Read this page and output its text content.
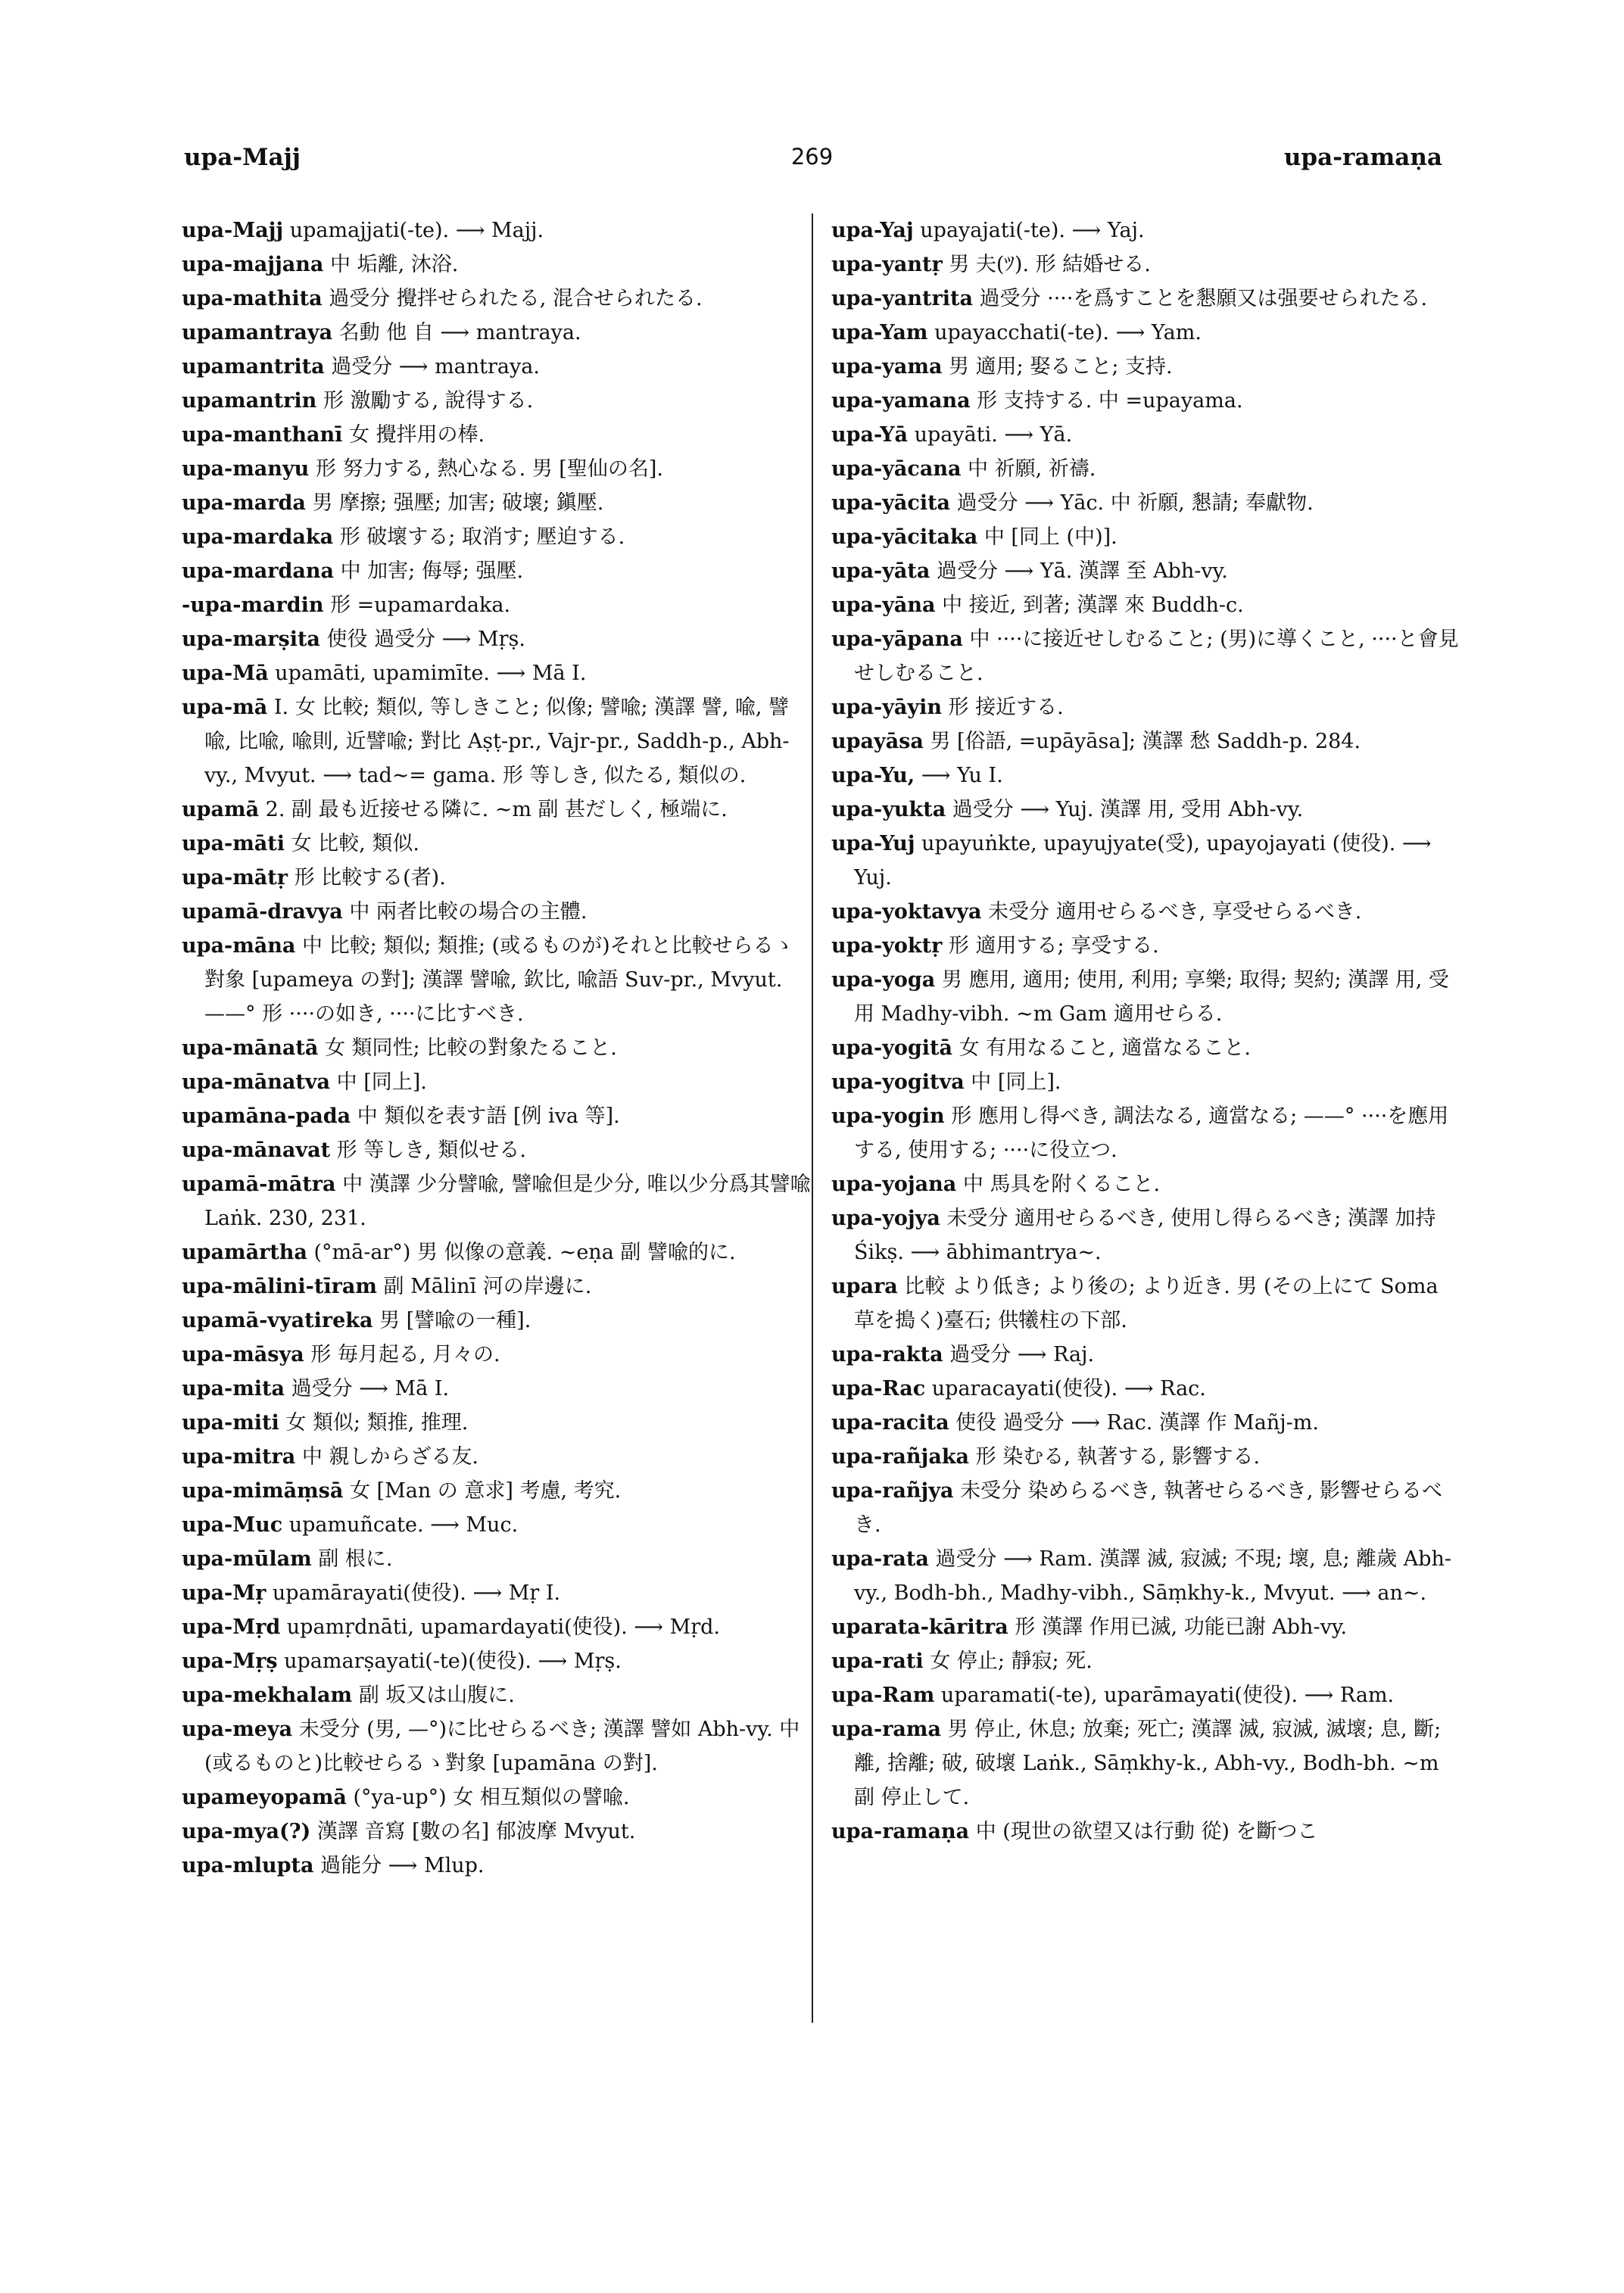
upa-Majj	269	upa-ramaṇa

upa-Majj upamajjati(-te). ⟶ Majj.

upa-majjana 中 垢離, 沐浴.

upa-mathita 過受分 攪拌せられたる, 混合せられたる.

upamantraya 名動 他 自 ⟶ mantraya.

upamantrita 過受分 ⟶ mantraya.

upamantrin 形 激勵する, 說得する.

upa-manthanī 女 攪拌用の棒.

upa-manyu 形 努力する, 熱心なる. 男 [聖仙の名].

upa-marda 男 摩擦; 强壓; 加害; 破壞; 鎭壓.

upa-mardaka 形 破壞する; 取消す; 壓迫する.

upa-mardana 中 加害; 侮辱; 强壓.

-upa-mardin 形 =upamardaka.

upa-marṣita 使役 過受分 ⟶ Mṛṣ.

upa-Mā upamāti, upamimīte. ⟶ Mā I.

upa-mā I. 女 比較; 類似, 等しきこと; 似像; 譬喩; 漢譯 譬, 喩, 譬喩, 比喩, 喩則, 近譬喩; 對比 Aṣṭ-pr., Vajr-pr., Saddh-p., Abh-vy., Mvyut. ⟶ tad∼= gama. 形 等しき, 似たる, 類似の.

upamā 2. 副 最も近接せる隣に. ∼m 副 甚だしく, 極端に.

upa-māti 女 比較, 類似.

upa-mātṛ 形 比較する(者).

upamā-dravya 中 兩者比較の場合の主體.

upa-māna 中 比較; 類似; 類推; (或るものが)それと比較せらるゝ對象 [upameya の對]; 漢譯 譬喩, 欽比, 喩語 Suv-pr., Mvyut. ——° 形 ····の如き, ····に比すべき.

upa-mānatā 女 類同性; 比較の對象たること.

upa-mānatva 中 [同上].

upamāna-pada 中 類似を表す語 [例 iva 等].

upa-mānavat 形 等しき, 類似せる.

upamā-mātra 中 漢譯 少分譬喩, 譬喩但是少分, 唯以少分爲其譬喩 Laṅk. 230, 231.

upamārtha (°mā-ar°) 男 似像の意義. ∼eṇa 副 譬喩的に.

upa-mālini-tīram 副 Mālinī 河の岸邊に.

upamā-vyatireka 男 [譬喩の一種].

upa-māsya 形 毎月起る, 月々の.

upa-mita 過受分 ⟶ Mā I.

upa-miti 女 類似; 類推, 推理.

upa-mitra 中 親しからざる友.

upa-mimāṃsā 女 [Man の 意求] 考慮, 考究.

upa-Muc upamuñcate. ⟶ Muc.

upa-mūlam 副 根に.

upa-Mṛ upamārayati(使役). ⟶ Mṛ I.

upa-Mṛd upamṛdnāti, upamardayati(使役). ⟶ Mṛd.

upa-Mṛṣ upamarṣayati(-te)(使役). ⟶ Mṛṣ.

upa-mekhalam 副 坂又は山腹に.

upa-meya 未受分 (男, —°)に比せらるべき; 漢譯 譬如 Abh-vy. 中 (或るものと)比較せらるゝ對象 [upamāna の對].

upameyopamā (°ya-up°) 女 相互類似の譬喩.

upa-mya(?) 漢譯 音寫 [數の名] 郁波摩 Mvyut.

upa-mlupta 過能分 ⟶ Mlup.

upa-Yaj upayajati(-te). ⟶ Yaj.

upa-yantṛ 男 夫(ﾂ). 形 結婚せる.

upa-yantrita 過受分 ····を爲すことを懇願又は强要せられたる.

upa-Yam upayacchati(-te). ⟶ Yam.

upa-yama 男 適用; 娶ること; 支持.

upa-yamana 形 支持する. 中 =upayama.

upa-Yā upayāti. ⟶ Yā.

upa-yācana 中 祈願, 祈禱.

upa-yācita 過受分 ⟶ Yāc. 中 祈願, 懇請; 奉獻物.

upa-yācitaka 中 [同上 (中)].

upa-yāta 過受分 ⟶ Yā. 漢譯 至 Abh-vy.

upa-yāna 中 接近, 到著; 漢譯 來 Buddh-c.

upa-yāpana 中 ····に接近せしむること; (男)に導くこと, ····と會見せしむること.

upa-yāyin 形 接近する.

upayāsa 男 [俗語, =upāyāsa]; 漢譯 愁 Saddh-p. 284.

upa-Yu, ⟶ Yu I.

upa-yukta 過受分 ⟶ Yuj. 漢譯 用, 受用 Abh-vy.

upa-Yuj upayuṅkte, upayujyate(受), upayojayati (使役). ⟶ Yuj.

upa-yoktavya 未受分 適用せらるべき, 享受せらるべき.

upa-yoktṛ 形 適用する; 享受する.

upa-yoga 男 應用, 適用; 使用, 利用; 享樂; 取得; 契約; 漢譯 用, 受用 Madhy-vibh. ∼m Gam 適用せらる.

upa-yogitā 女 有用なること, 適當なること.

upa-yogitva 中 [同上].

upa-yogin 形 應用し得べき, 調法なる, 適當なる; ——° ····を應用する, 使用する; ····に役立つ.

upa-yojana 中 馬具を附くること.

upa-yojya 未受分 適用せらるべき, 使用し得らるべき; 漢譯 加持 Śikṣ. ⟶ ābhimantrya∼.

upara 比較 より低き; より後の; より近き. 男 (その上にて Soma 草を搗く)臺石; 供犧柱の下部.

upa-rakta 過受分 ⟶ Raj.

upa-Rac uparacayati(使役). ⟶ Rac.

upa-racita 使役 過受分 ⟶ Rac. 漢譯 作 Mañj-m.

upa-rañjaka 形 染むる, 執著する, 影響する.

upa-rañjya 未受分 染めらるべき, 執著せらるべき, 影響せらるべき.

upa-rata 過受分 ⟶ Ram. 漢譯 滅, 寂滅; 不現; 壞, 息; 離歲 Abh-vy., Bodh-bh., Madhy-vibh., Sāṃkhy-k., Mvyut. ⟶ an∼.

uparata-kāritra 形 漢譯 作用已滅, 功能已謝 Abh-vy.

upa-rati 女 停止; 靜寂; 死.

upa-Ram uparamati(-te), uparāmayati(使役). ⟶ Ram.

upa-rama 男 停止, 休息; 放棄; 死亡; 漢譯 滅, 寂滅, 滅壞; 息, 斷; 離, 捨離; 破, 破壞 Laṅk., Sāṃkhy-k., Abh-vy., Bodh-bh. ∼m 副 停止して.

upa-ramaṇa 中 (現世の欲望又は行動 從) を斷つこ
